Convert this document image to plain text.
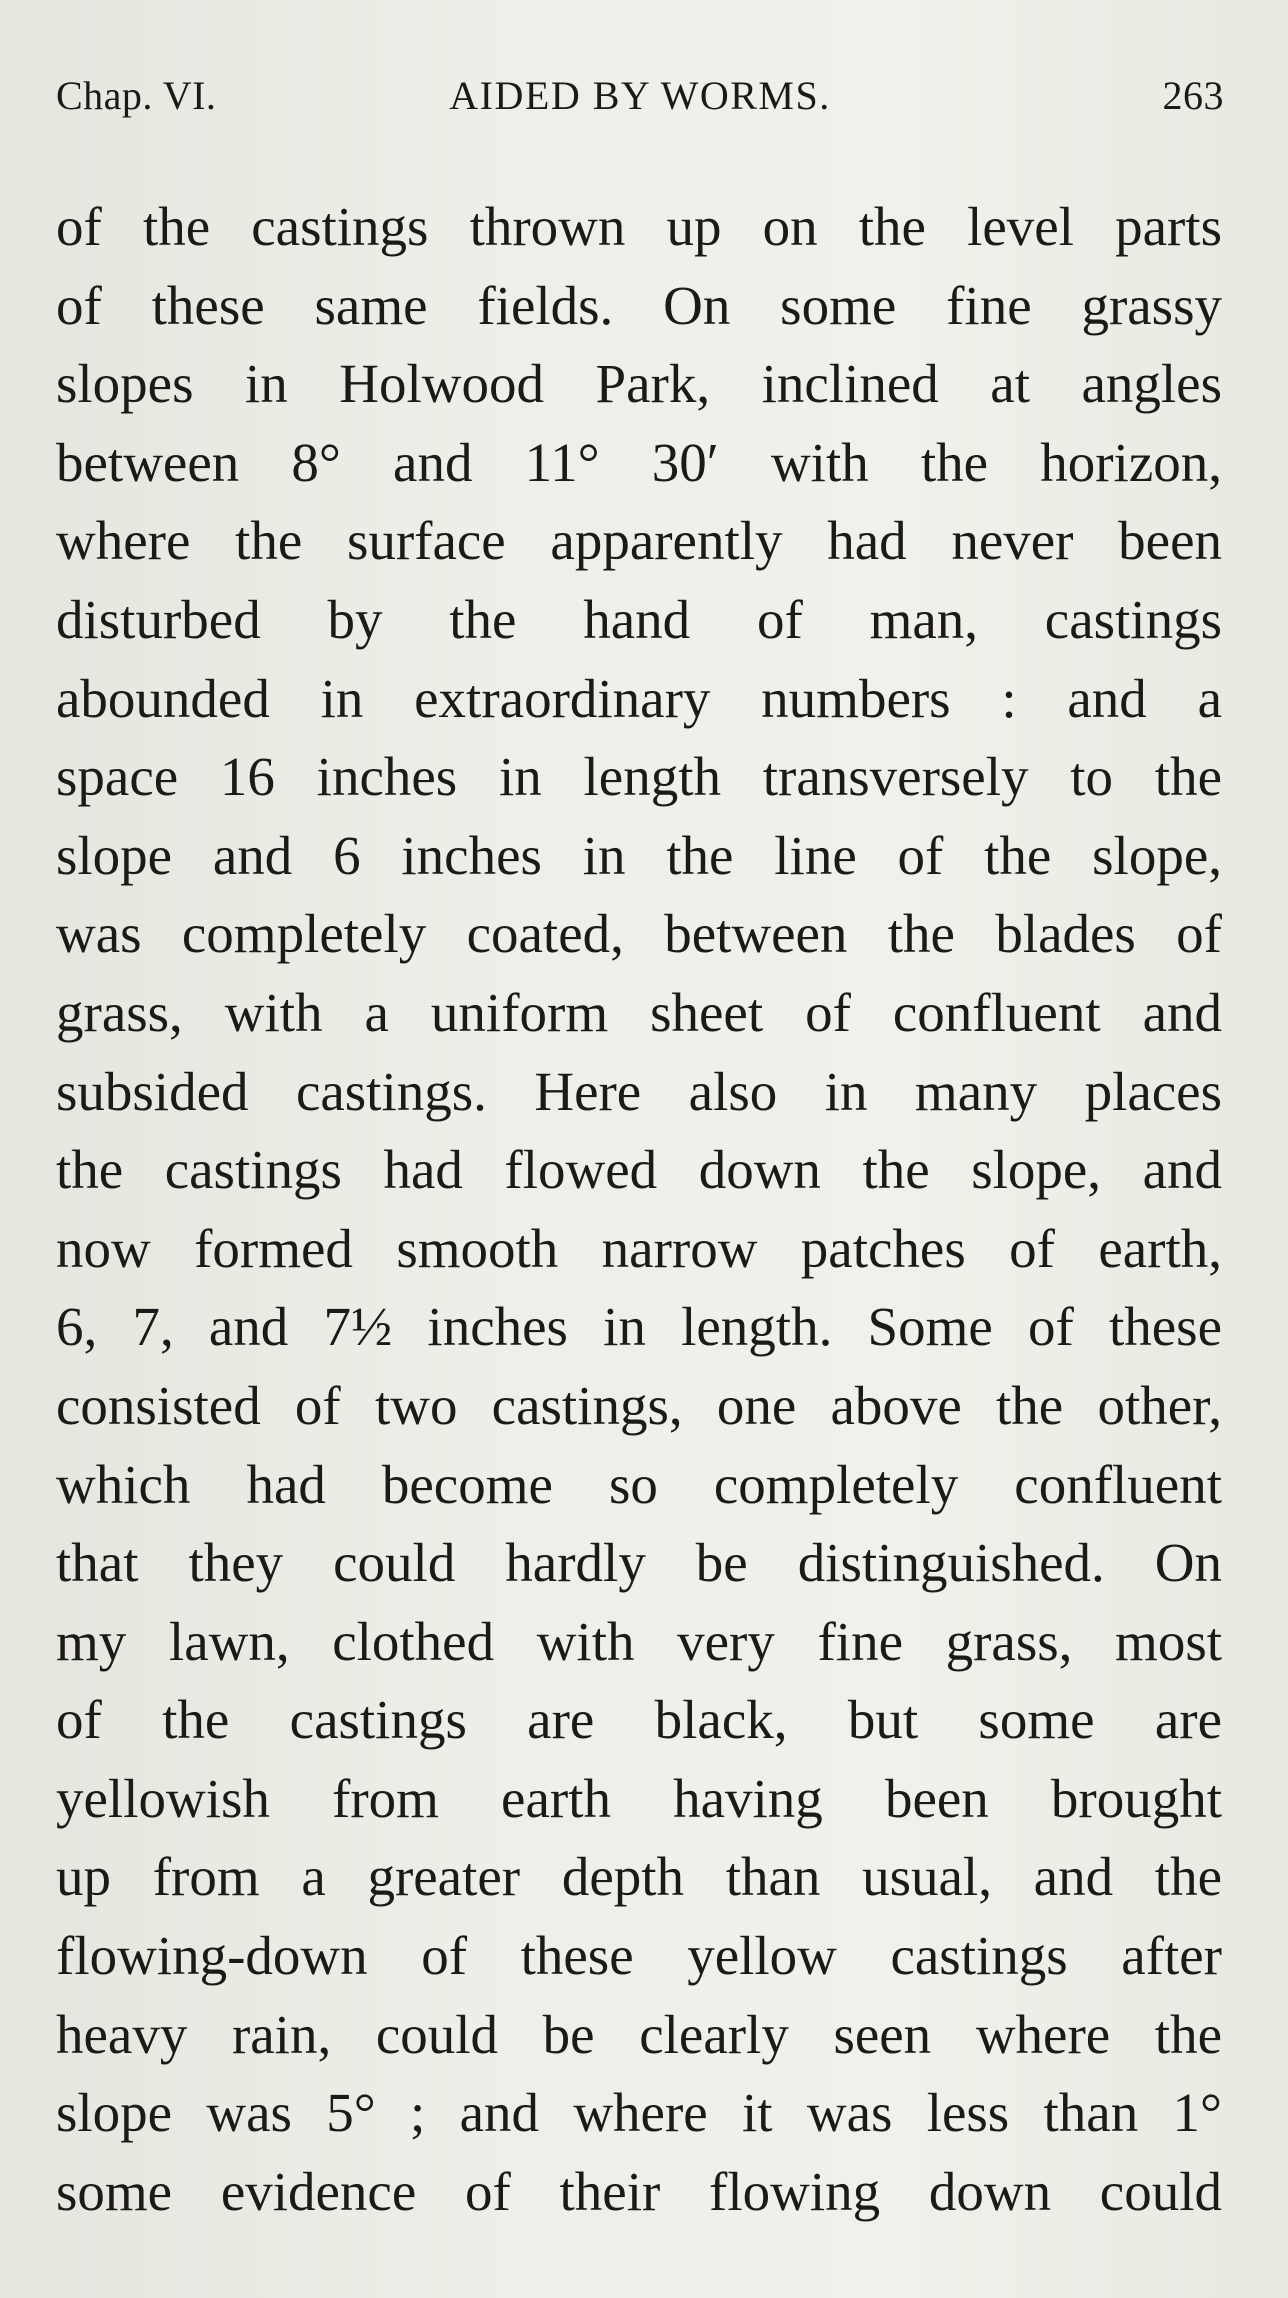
Chap. VI.	AIDED BY WORMS.	263
of the castings thrown up on the level parts
of these same fields. On some fine grassy
slopes in Holwood Park, inclined at angles
between 8° and 11° 30′ with the horizon,
where the surface apparently had never been
disturbed by the hand of man, castings
abounded in extraordinary numbers : and a
space 16 inches in length transversely to the
slope and 6 inches in the line of the slope,
was completely coated, between the blades of
grass, with a uniform sheet of confluent and
subsided castings. Here also in many places
the castings had flowed down the slope, and
now formed smooth narrow patches of earth,
6, 7, and 7½ inches in length. Some of these
consisted of two castings, one above the other,
which had become so completely confluent
that they could hardly be distinguished. On
my lawn, clothed with very fine grass, most
of the castings are black, but some are
yellowish from earth having been brought
up from a greater depth than usual, and the
flowing-down of these yellow castings after
heavy rain, could be clearly seen where the
slope was 5° ; and where it was less than 1°
some evidence of their flowing down could
